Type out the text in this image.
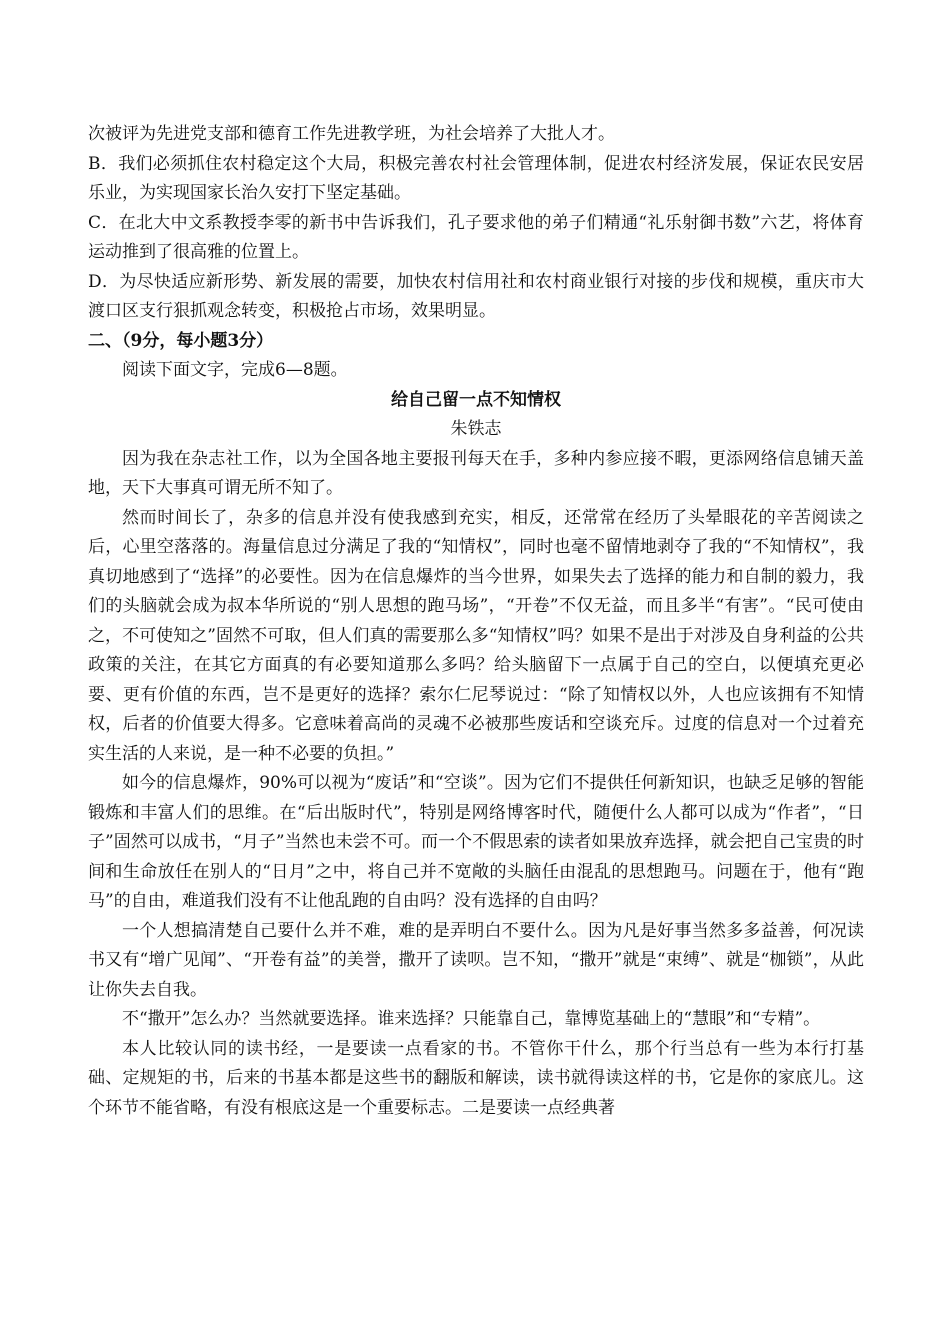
次被评为先进党支部和德育工作先进教学班，为社会培养了大批人才。

B．我们必须抓住农村稳定这个大局，积极完善农村社会管理体制，促进农村经济发展，保证农民安居乐业，为实现国家长治久安打下坚定基础。

C．在北大中文系教授李零的新书中告诉我们，孔子要求他的弟子们精通“礼乐射御书数”六艺，将体育运动推到了很高雅的位置上。

D．为尽快适应新形势、新发展的需要，加快农村信用社和农村商业银行对接的步伐和规模，重庆市大渡口区支行狠抓观念转变，积极抢占市场，效果明显。

二、（9分，每小题3分）

阅读下面文字，完成6—8题。

给自己留一点不知情权

朱铁志

因为我在杂志社工作，以为全国各地主要报刊每天在手，多种内参应接不暇，更添网络信息铺天盖地，天下大事真可谓无所不知了。

然而时间长了，杂多的信息并没有使我感到充实，相反，还常常在经历了头晕眼花的辛苦阅读之后，心里空落落的。海量信息过分满足了我的“知情权”，同时也毫不留情地剥夺了我的“不知情权”，我真切地感到了“选择”的必要性。因为在信息爆炸的当今世界，如果失去了选择的能力和自制的毅力，我们的头脑就会成为叔本华所说的“别人思想的跑马场”，“开卷”不仅无益，而且多半“有害”。“民可使由之，不可使知之”固然不可取，但人们真的需要那么多“知情权”吗？如果不是出于对涉及自身利益的公共政策的关注，在其它方面真的有必要知道那么多吗？给头脑留下一点属于自己的空白，以便填充更必要、更有价值的东西，岂不是更好的选择？索尔仁尼琴说过：“除了知情权以外，人也应该拥有不知情权，后者的价值要大得多。它意味着高尚的灵魂不必被那些废话和空谈充斥。过度的信息对一个过着充实生活的人来说，是一种不必要的负担。”

如今的信息爆炸，90%可以视为“废话”和“空谈”。因为它们不提供任何新知识，也缺乏足够的智能锻炼和丰富人们的思维。在“后出版时代”，特别是网络博客时代，随便什么人都可以成为“作者”，“日子”固然可以成书，“月子”当然也未尝不可。而一个不假思索的读者如果放弃选择，就会把自己宝贵的时间和生命放任在别人的“日月”之中，将自己并不宽敞的头脑任由混乱的思想跑马。问题在于，他有“跑马”的自由，难道我们没有不让他乱跑的自由吗？没有选择的自由吗？

一个人想搞清楚自己要什么并不难，难的是弄明白不要什么。因为凡是好事当然多多益善，何况读书又有“增广见闻”、“开卷有益”的美誉，撒开了读呗。岂不知，“撒开”就是“束缚”、就是“枷锁”，从此让你失去自我。

不“撒开”怎么办？当然就要选择。谁来选择？只能靠自己，靠博览基础上的“慧眼”和“专精”。

本人比较认同的读书经，一是要读一点看家的书。不管你干什么，那个行当总有一些为本行打基础、定规矩的书，后来的书基本都是这些书的翻版和解读，读书就得读这样的书，它是你的家底儿。这个环节不能省略，有没有根底这是一个重要标志。二是要读一点经典著
